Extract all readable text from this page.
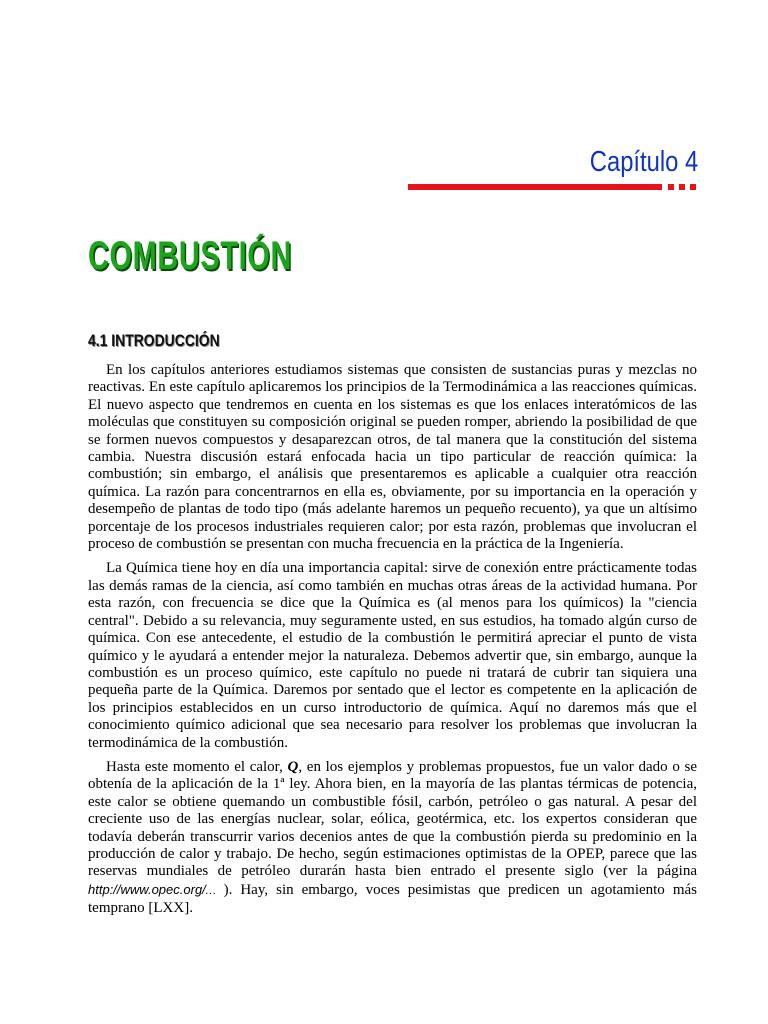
Capítulo 4
COMBUSTIÓN
4.1 INTRODUCCIÓN

En los capítulos anteriores estudiamos sistemas que consisten de sustancias puras y mezclas no reactivas. En este capítulo aplicaremos los principios de la Termodinámica a las reacciones químicas. El nuevo aspecto que tendremos en cuenta en los sistemas es que los enlaces interatómicos de las moléculas que constituyen su composición original se pueden romper, abriendo la posibilidad de que se formen nuevos compuestos y desaparezcan otros, de tal manera que la constitución del sistema cambia. Nuestra discusión estará enfocada hacia un tipo particular de reacción química: la combustión; sin embargo, el análisis que presentaremos es aplicable a cualquier otra reacción química. La razón para concentrarnos en ella es, obviamente, por su importancia en la operación y desempeño de plantas de todo tipo (más adelante haremos un pequeño recuento), ya que un altísimo porcentaje de los procesos industriales requieren calor; por esta razón, problemas que involucran el proceso de combustión se presentan con mucha frecuencia en la práctica de la Ingeniería.

La Química tiene hoy en día una importancia capital: sirve de conexión entre prácticamente todas las demás ramas de la ciencia, así como también en muchas otras áreas de la actividad humana. Por esta razón, con frecuencia se dice que la Química es (al menos para los químicos) la "ciencia central". Debido a su relevancia, muy seguramente usted, en sus estudios, ha tomado algún curso de química. Con ese antecedente, el estudio de la combustión le permitirá apreciar el punto de vista químico y le ayudará a entender mejor la naturaleza. Debemos advertir que, sin embargo, aunque la combustión es un proceso químico, este capítulo no puede ni tratará de cubrir tan siquiera una pequeña parte de la Química. Daremos por sentado que el lector es competente en la aplicación de los principios establecidos en un curso introductorio de química. Aquí no daremos más que el conocimiento químico adicional que sea necesario para resolver los problemas que involucran la termodinámica de la combustión.

Hasta este momento el calor, Q, en los ejemplos y problemas propuestos, fue un valor dado o se obtenía de la aplicación de la 1ª ley. Ahora bien, en la mayoría de las plantas térmicas de potencia, este calor se obtiene quemando un combustible fósil, carbón, petróleo o gas natural. A pesar del creciente uso de las energías nuclear, solar, eólica, geotérmica, etc. los expertos consideran que todavía deberán transcurrir varios decenios antes de que la combustión pierda su predominio en la producción de calor y trabajo. De hecho, según estimaciones optimistas de la OPEP, parece que las reservas mundiales de petróleo durarán hasta bien entrado el presente siglo (ver la página http://www.opec.org/… ). Hay, sin embargo, voces pesimistas que predicen un agotamiento más temprano [LXX].
